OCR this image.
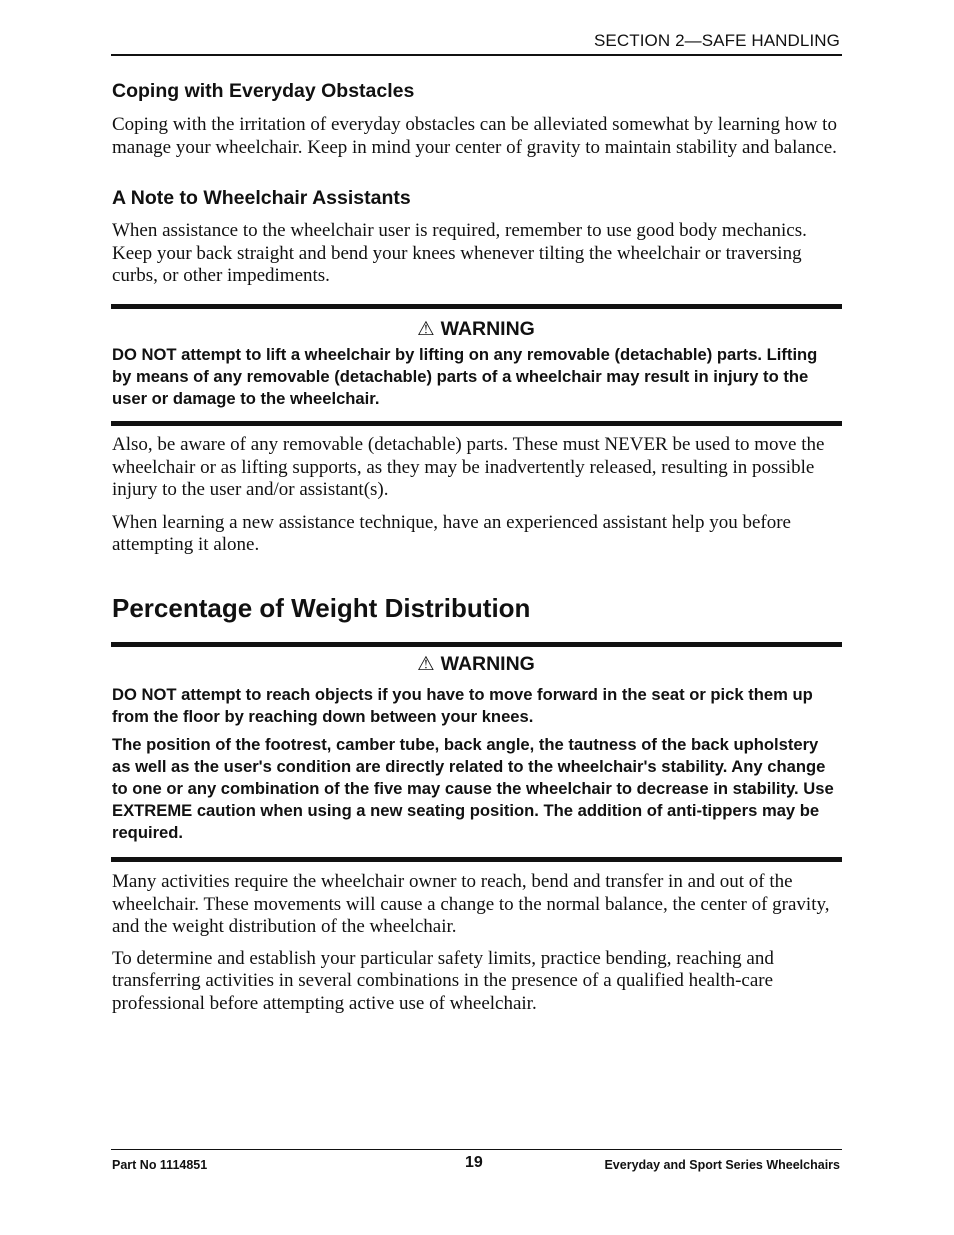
SECTION 2—SAFE HANDLING
Coping with Everyday Obstacles

Coping with the irritation of everyday obstacles can be alleviated somewhat by learning how to manage your wheelchair. Keep in mind your center of gravity to maintain stability and balance.

A Note to Wheelchair Assistants

When assistance to the wheelchair user is required, remember to use good body mechanics. Keep your back straight and bend your knees whenever tilting the wheelchair or traversing curbs, or other impediments.

⚠ WARNING

DO NOT attempt to lift a wheelchair by lifting on any removable (detachable) parts. Lifting by means of any removable (detachable) parts of a wheelchair may result in injury to the user or damage to the wheelchair.

Also, be aware of any removable (detachable) parts. These must NEVER be used to move the wheelchair or as lifting supports, as they may be inadvertently released, resulting in possible injury to the user and/or assistant(s).

When learning a new assistance technique, have an experienced assistant help you before attempting it alone.

Percentage of Weight Distribution
⚠ WARNING

DO NOT attempt to reach objects if you have to move forward in the seat or pick them up from the floor by reaching down between your knees.

The position of the footrest, camber tube, back angle, the tautness of the back upholstery as well as the user's condition are directly related to the wheelchair's stability. Any change to one or any combination of the five may cause the wheelchair to decrease in stability. Use EXTREME caution when using a new seating position. The addition of anti-tippers may be required.

Many activities require the wheelchair owner to reach, bend and transfer in and out of the wheelchair. These movements will cause a change to the normal balance, the center of gravity, and the weight distribution of the wheelchair.

To determine and establish your particular safety limits, practice bending, reaching and transferring activities in several combinations in the presence of a qualified health-care professional before attempting active use of wheelchair.

Part No 1114851	19	Everyday and Sport Series Wheelchairs
